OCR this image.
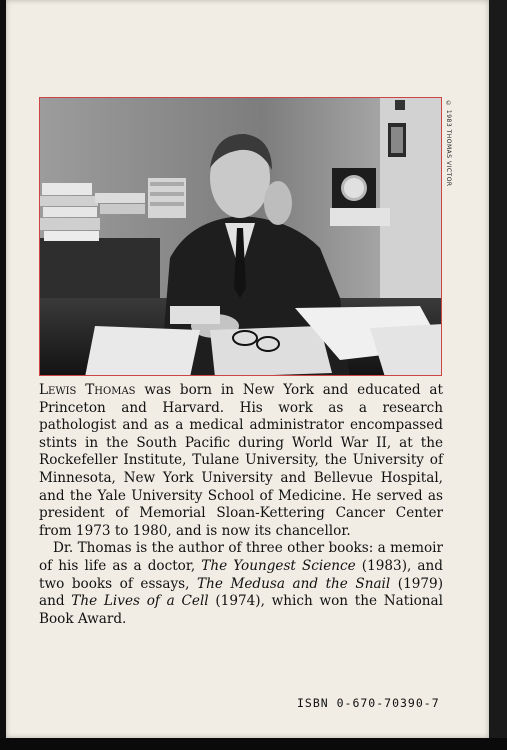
© 1983 THOMAS VICTOR

Lewis Thomas was born in New York and educated at Princeton and Harvard. His work as a research pathologist and as a medical administrator encompassed stints in the South Pacific during World War II, at the Rockefeller Institute, Tulane University, the University of Minnesota, New York University and Bellevue Hospital, and the Yale University School of Medicine. He served as president of Memorial Sloan-Kettering Cancer Center from 1973 to 1980, and is now its chancellor.

Dr. Thomas is the author of three other books: a memoir of his life as a doctor, The Youngest Science (1983), and two books of essays, The Medusa and the Snail (1979) and The Lives of a Cell (1974), which won the National Book Award.

ISBN 0-670-70390-7
